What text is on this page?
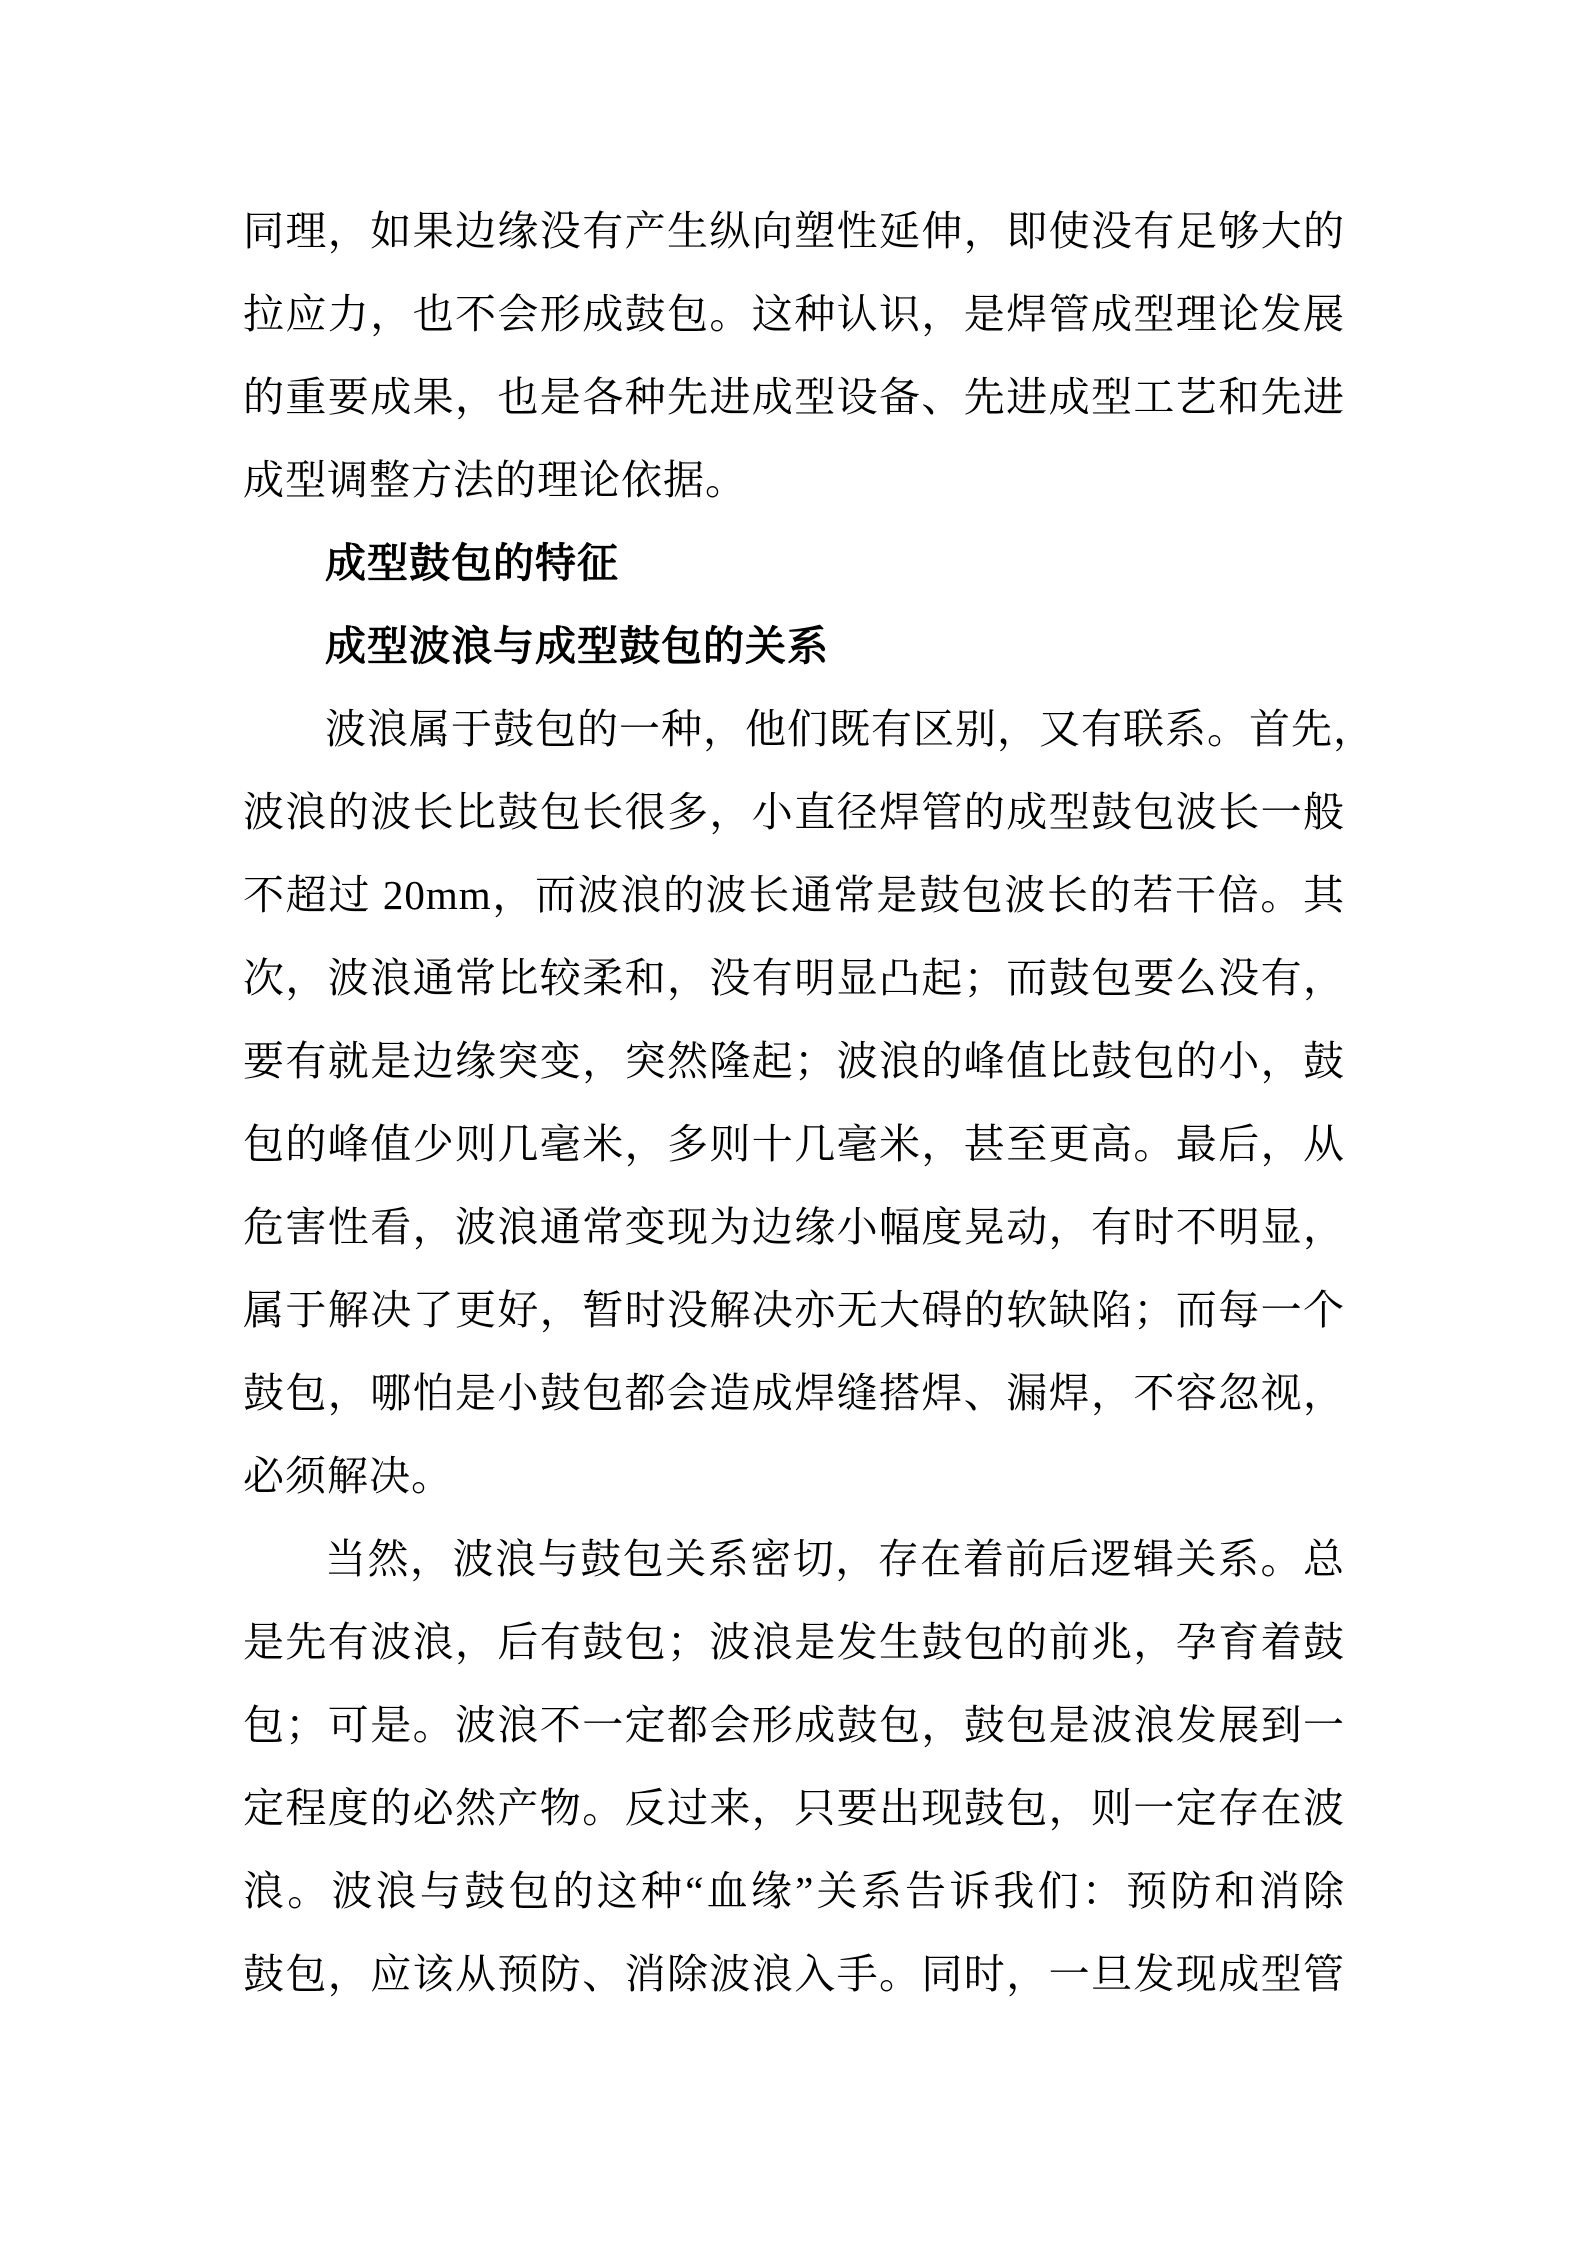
同理，如果边缘没有产生纵向塑性延伸，即使没有足够大的

拉应力，也不会形成鼓包。这种认识，是焊管成型理论发展

的重要成果，也是各种先进成型设备、先进成型工艺和先进

成型调整方法的理论依据。

成型鼓包的特征

成型波浪与成型鼓包的关系

波浪属于鼓包的一种，他们既有区别，又有联系。首先，

波浪的波长比鼓包长很多，小直径焊管的成型鼓包波长一般

不超过 20mm，而波浪的波长通常是鼓包波长的若干倍。其

次，波浪通常比较柔和，没有明显凸起；而鼓包要么没有，

要有就是边缘突变，突然隆起；波浪的峰值比鼓包的小，鼓

包的峰值少则几毫米，多则十几毫米，甚至更高。最后，从

危害性看，波浪通常变现为边缘小幅度晃动，有时不明显，

属于解决了更好，暂时没解决亦无大碍的软缺陷；而每一个

鼓包，哪怕是小鼓包都会造成焊缝搭焊、漏焊，不容忽视，

必须解决。

当然，波浪与鼓包关系密切，存在着前后逻辑关系。总

是先有波浪，后有鼓包；波浪是发生鼓包的前兆，孕育着鼓

包；可是。波浪不一定都会形成鼓包，鼓包是波浪发展到一

定程度的必然产物。反过来，只要出现鼓包，则一定存在波

浪。波浪与鼓包的这种“血缘”关系告诉我们：预防和消除

鼓包，应该从预防、消除波浪入手。同时，一旦发现成型管
